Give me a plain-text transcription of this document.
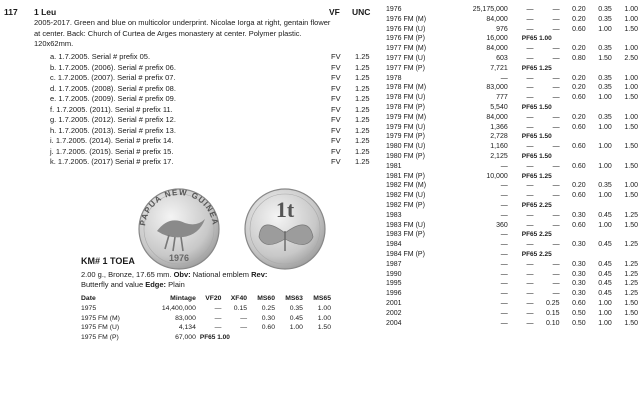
117 1 Leu	VF UNC
2005-2017. Green and blue on multicolor underprint. Nicolae Iorga at right, gentain flower at center. Back: Church of Curtea de Arges monastery at center. Polymer plastic. 120x62mm.
a. 1.7.2005. Serial # prefix 05.	FV 1.25
b. 1.7.2005. (2006). Serial # prefix 06.	FV 1.25
c. 1.7.2005. (2007). Serial # prefix 07.	FV 1.25
d. 1.7.2005. (2008). Serial # prefix 08.	FV 1.25
e. 1.7.2005. (2009). Serial # prefix 09.	FV 1.25
f. 1.7.2005. (2011). Serial # prefix 11.	FV 1.25
g. 1.7.2005. (2012). Serial # prefix 12.	FV 1.25
h. 1.7.2005. (2013). Serial # prefix 13.	FV 1.25
i. 1.7.2005. (2014). Serial # prefix 14.	FV 1.25
j. 1.7.2005. (2015). Serial # prefix 15.	FV 1.25
k. 1.7.2005. (2017) Serial # prefix 17.	FV 1.25
PAPUA NEW GUINEA
1976
1t
KM# 1 TOEA
2.00 g., Bronze, 17.65 mm. Obv: National emblem Rev:
Butterfly and value Edge: Plain
Date	Mintage	VF20	XF40	MS60	MS63	MS65
1975	14,400,000	—	0.15	0.25	0.35	1.00
1975 FM (M)	83,000	—	—	0.30	0.45	1.00
1975 FM (U)	4,134	—	—	0.60	1.00	1.50
1975 FM (P)	67,000	PF65 1.00				
1976	25,175,000	—	—	0.20	0.35	1.00
1976 FM (M)	84,000	—	—	0.20	0.35	1.00
1976 FM (U)	976	—	—	0.60	1.00	1.50
1976 FM (P)	16,000	PF65 1.00				
1977 FM (M)	84,000	—	—	0.20	0.35	1.00
1977 FM (U)	603	—	—	0.80	1.50	2.50
1977 FM (P)	7,721	PF65 1.25				
1978	—	—	—	0.20	0.35	1.00
1978 FM (M)	83,000	—	—	0.20	0.35	1.00
1978 FM (U)	777	—	—	0.60	1.00	1.50
1978 FM (P)	5,540	PF65 1.50				
1979 FM (M)	84,000	—	—	0.20	0.35	1.00
1979 FM (U)	1,366	—	—	0.60	1.00	1.50
1979 FM (P)	2,728	PF65 1.50				
1980 FM (U)	1,160	—	—	0.60	1.00	1.50
1980 FM (P)	2,125	PF65 1.50				
1981	—	—	—	0.60	1.00	1.50
1981 FM (P)	10,000	PF65 1.25				
1982 FM (M)	—	—	—	0.20	0.35	1.00
1982 FM (U)	—	—	—	0.60	1.00	1.50
1982 FM (P)	—	PF65 2.25				
1983	—	—	—	0.30	0.45	1.25
1983 FM (U)	360	—	—	0.60	1.00	1.50
1983 FM (P)	—	PF65 2.25				
1984	—	—	—	0.30	0.45	1.25
1984 FM (P)	—	PF65 2.25				
1987	—	—	—	0.30	0.45	1.25
1990	—	—	—	0.30	0.45	1.25
1995	—	—	—	0.30	0.45	1.25
1996	—	—	—	0.30	0.45	1.25
2001	—	—	0.25	0.60	1.00	1.50
2002	—	—	0.15	0.50	1.00	1.50
2004	—	—	0.10	0.50	1.00	1.50
